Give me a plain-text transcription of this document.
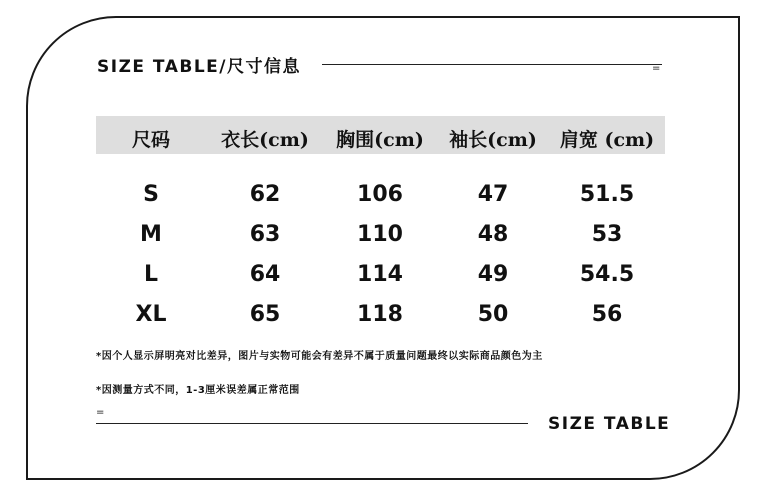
SIZE TABLE/尺寸信息	=
尺码	衣长(cm)	胸围(cm)	袖长(cm)	肩宽 (cm)
S	62	106	47	51.5
M	63	110	48	53
L	64	114	49	54.5
XL	65	118	50	56
*因个人显示屏明亮对比差异，图片与实物可能会有差异不属于质量问题最终以实际商品颜色为主
*因测量方式不同，1-3厘米误差属正常范围
=
SIZE TABLE
